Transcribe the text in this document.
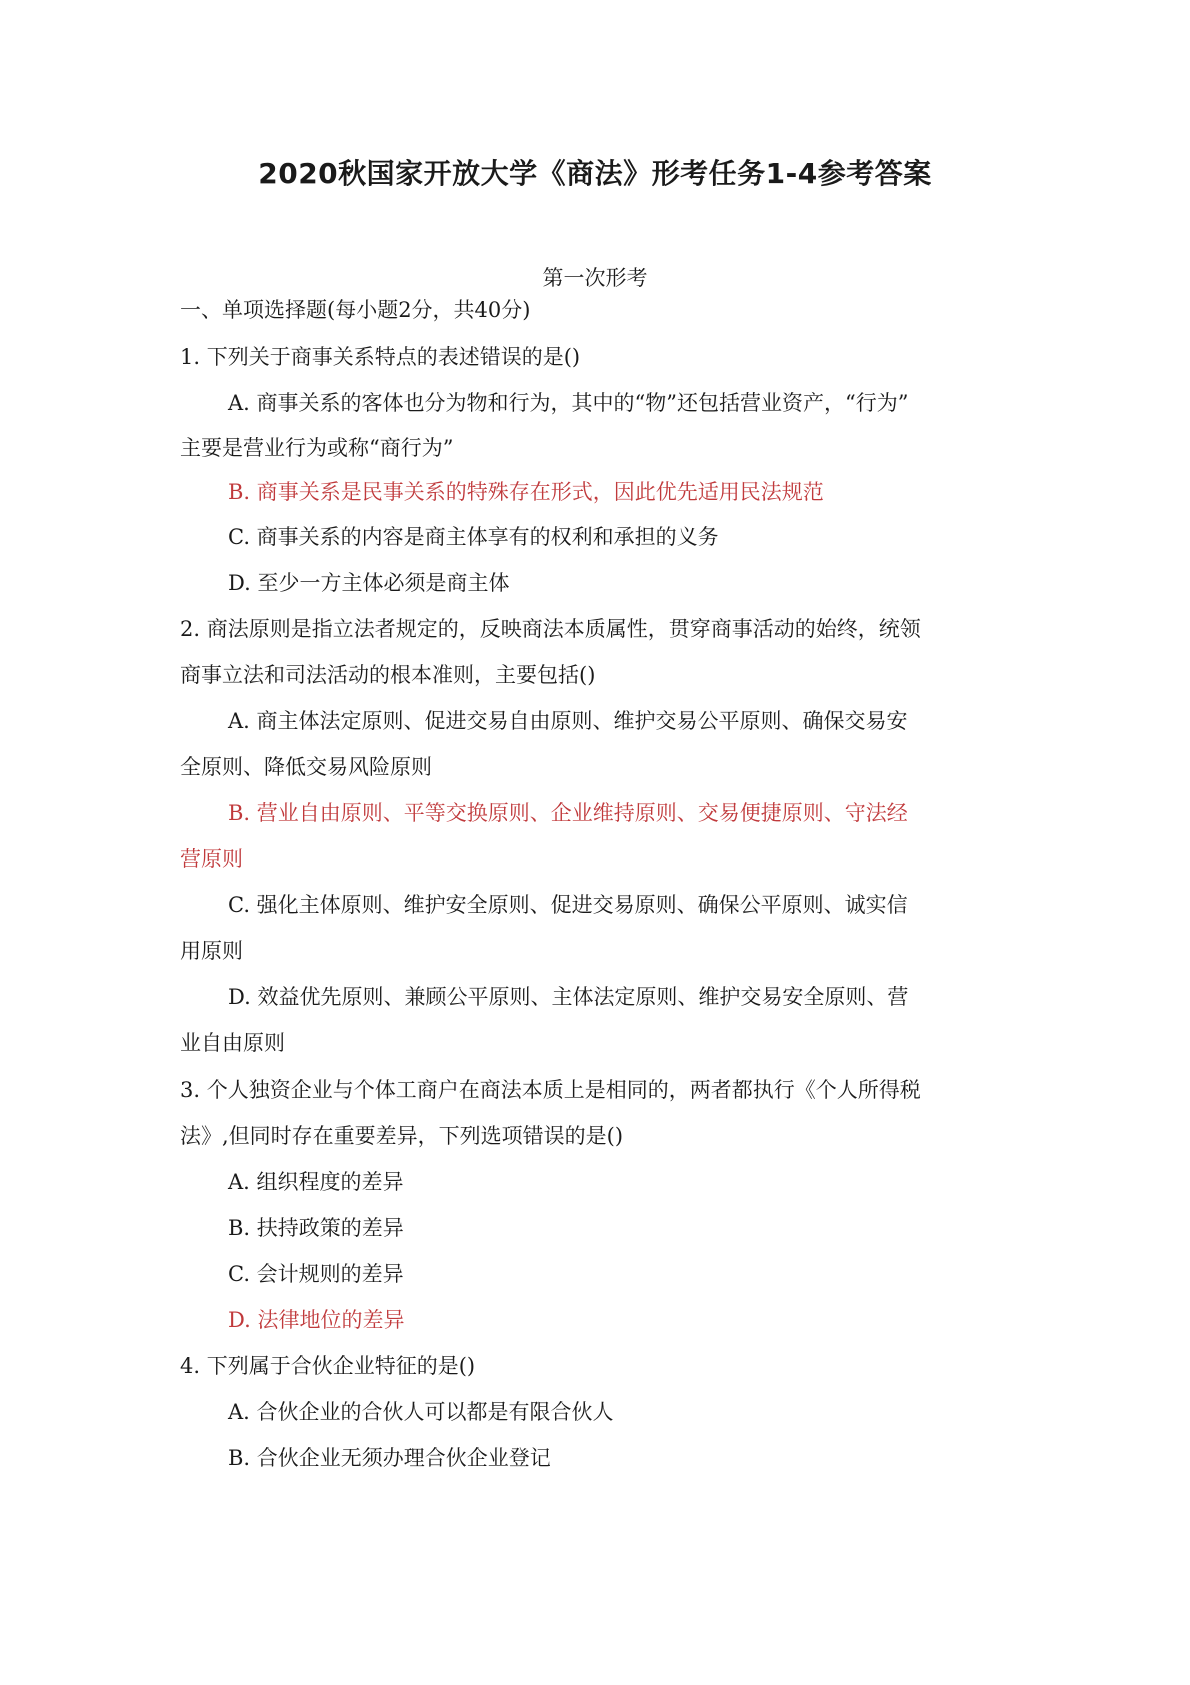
2020秋国家开放大学《商法》形考任务1-4参考答案
第一次形考
一、单项选择题(每小题2分，共40分)
1. 下列关于商事关系特点的表述错误的是()
A. 商事关系的客体也分为物和行为，其中的“物”还包括营业资产，“行为”
主要是营业行为或称“商行为”
B. 商事关系是民事关系的特殊存在形式，因此优先适用民法规范
C. 商事关系的内容是商主体享有的权利和承担的义务
D. 至少一方主体必须是商主体
2. 商法原则是指立法者规定的，反映商法本质属性，贯穿商事活动的始终，统领
商事立法和司法活动的根本准则，主要包括()
A. 商主体法定原则、促进交易自由原则、维护交易公平原则、确保交易安
全原则、降低交易风险原则
B. 营业自由原则、平等交换原则、企业维持原则、交易便捷原则、守法经
营原则
C. 强化主体原则、维护安全原则、促进交易原则、确保公平原则、诚实信
用原则
D. 效益优先原则、兼顾公平原则、主体法定原则、维护交易安全原则、营
业自由原则
3. 个人独资企业与个体工商户在商法本质上是相同的，两者都执行《个人所得税
法》,但同时存在重要差异，下列选项错误的是()
A. 组织程度的差异
B. 扶持政策的差异
C. 会计规则的差异
D. 法律地位的差异
4. 下列属于合伙企业特征的是()
A. 合伙企业的合伙人可以都是有限合伙人
B. 合伙企业无须办理合伙企业登记
